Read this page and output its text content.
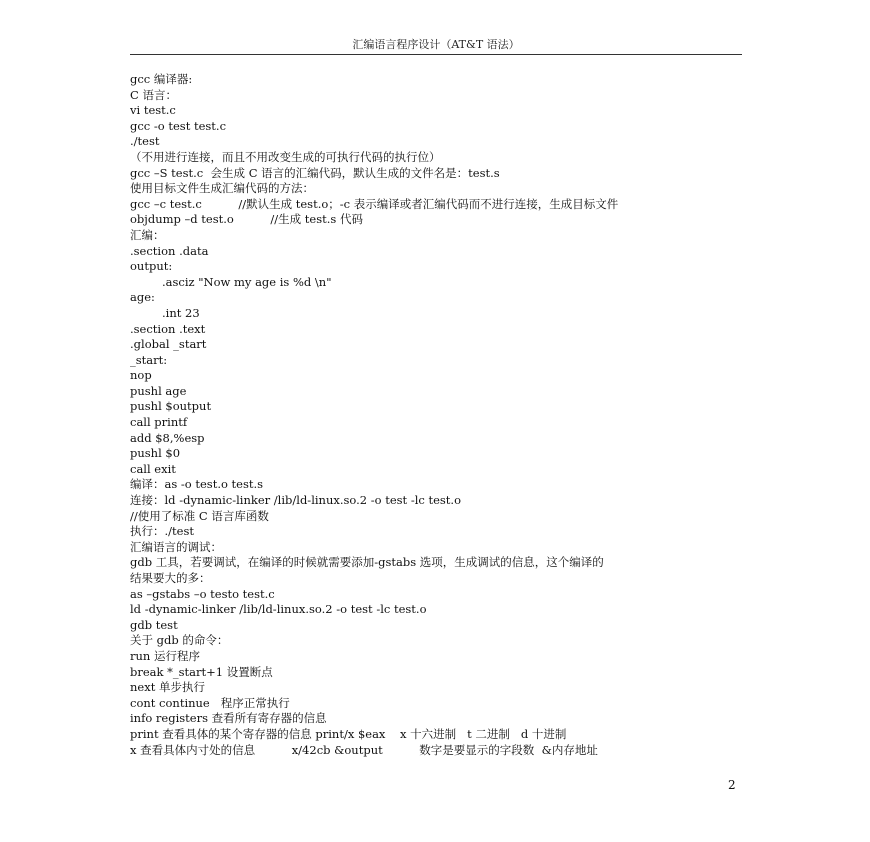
汇编语言程序设计（AT&T 语法）
gcc 编译器:
C 语言：
vi test.c
gcc -o test test.c
./test
（不用进行连接，而且不用改变生成的可执行代码的执行位）
gcc –S test.c  会生成 C 语言的汇编代码，默认生成的文件名是：test.s
使用目标文件生成汇编代码的方法：
gcc –c test.c          //默认生成 test.o；-c 表示编译或者汇编代码而不进行连接，生成目标文件
objdump –d test.o          //生成 test.s 代码
汇编：
.section .data
output:
.asciz "Now my age is %d \n"
age:
.int 23
.section .text
.global _start
_start:
nop
pushl age
pushl $output
call printf
add $8,%esp
pushl $0
call exit
编译：as -o test.o test.s
连接：ld -dynamic-linker /lib/ld-linux.so.2 -o test -lc test.o
//使用了标准 C 语言库函数
执行：./test
汇编语言的调试：
gdb 工具，若要调试，在编译的时候就需要添加-gstabs 选项，生成调试的信息，这个编译的
结果要大的多：
as –gstabs –o testo test.c
ld -dynamic-linker /lib/ld-linux.so.2 -o test -lc test.o
gdb test
关于 gdb 的命令：
run 运行程序
break *_start+1 设置断点
next 单步执行
cont continue   程序正常执行
info registers 查看所有寄存器的信息
print 查看具体的某个寄存器的信息 print/x $eax    x 十六进制   t 二进制   d 十进制
x 查看具体内寸处的信息          x/42cb &output          数字是要显示的字段数  &内存地址
2
